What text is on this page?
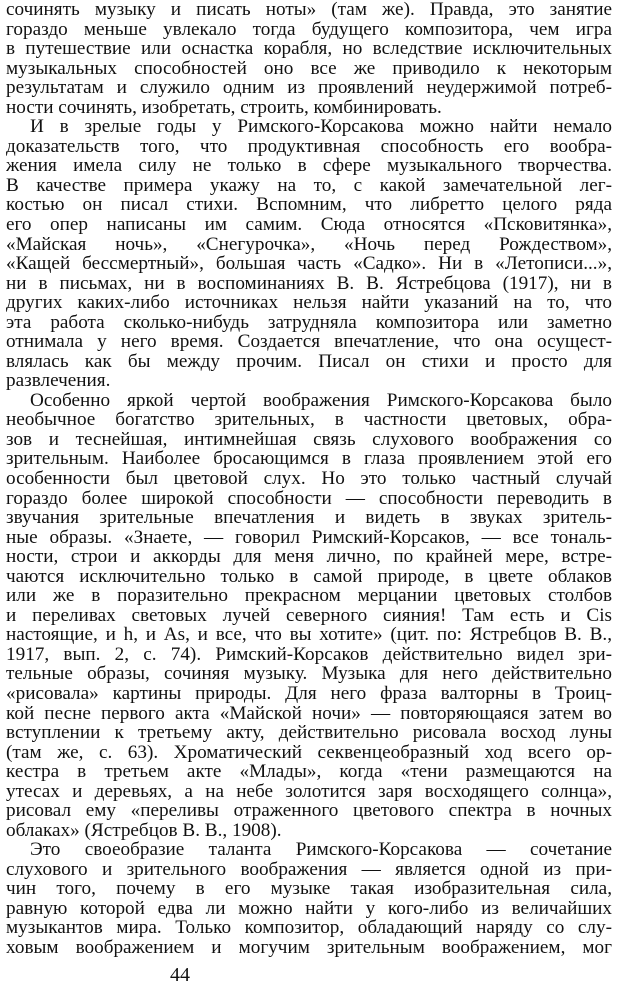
сочинять музыку и писать ноты» (там же). Правда, это занятие
гораздо меньше увлекало тогда будущего композитора, чем игра
в путешествие или оснастка корабля, но вследствие исключительных
музыкальных способностей оно все же приводило к некоторым
результатам и служило одним из проявлений неудержимой потреб-
ности сочинять, изобретать, строить, комбинировать.
И в зрелые годы у Римского-Корсакова можно найти немало
доказательств того, что продуктивная способность его вообра-
жения имела силу не только в сфере музыкального творчества.
В качестве примера укажу на то, с какой замечательной лег-
костью он писал стихи. Вспомним, что либретто целого ряда
его опер написаны им самим. Сюда относятся «Псковитянка»,
«Майская ночь», «Снегурочка», «Ночь перед Рождеством»,
«Кащей бессмертный», большая часть «Садко». Ни в «Летописи...»,
ни в письмах, ни в воспоминаниях В. В. Ястребцова (1917), ни в
других каких-либо источниках нельзя найти указаний на то, что
эта работа сколько-нибудь затрудняла композитора или заметно
отнимала у него время. Создается впечатление, что она осущест-
влялась как бы между прочим. Писал он стихи и просто для
развлечения.
Особенно яркой чертой воображения Римского-Корсакова было
необычное богатство зрительных, в частности цветовых, обра-
зов и теснейшая, интимнейшая связь слухового воображения со
зрительным. Наиболее бросающимся в глаза проявлением этой его
особенности был цветовой слух. Но это только частный случай
гораздо более широкой способности — способности переводить в
звучания зрительные впечатления и видеть в звуках зритель-
ные образы. «Знаете, — говорил Римский-Корсаков, — все тональ-
ности, строи и аккорды для меня лично, по крайней мере, встре-
чаются исключительно только в самой природе, в цвете облаков
или же в поразительно прекрасном мерцании цветовых столбов
и переливах световых лучей северного сияния! Там есть и Cis
настоящие, и h, и As, и все, что вы хотите» (цит. по: Ястребцов В. В.,
1917, вып. 2, с. 74). Римский-Корсаков действительно видел зри-
тельные образы, сочиняя музыку. Музыка для него действительно
«рисовала» картины природы. Для него фраза валторны в Троиц-
кой песне первого акта «Майской ночи» — повторяющаяся затем во
вступлении к третьему акту, действительно рисовала восход луны
(там же, с. 63). Хроматический секвенцеобразный ход всего ор-
кестра в третьем акте «Млады», когда «тени размещаются на
утесах и деревьях, а на небе золотится заря восходящего солнца»,
рисовал ему «переливы отраженного цветового спектра в ночных
облаках» (Ястребцов В. В., 1908).
Это своеобразие таланта Римского-Корсакова — сочетание
слухового и зрительного воображения — является одной из при-
чин того, почему в его музыке такая изобразительная сила,
равную которой едва ли можно найти у кого-либо из величайших
музыкантов мира. Только композитор, обладающий наряду со слу-
ховым воображением и могучим зрительным воображением, мог
44
